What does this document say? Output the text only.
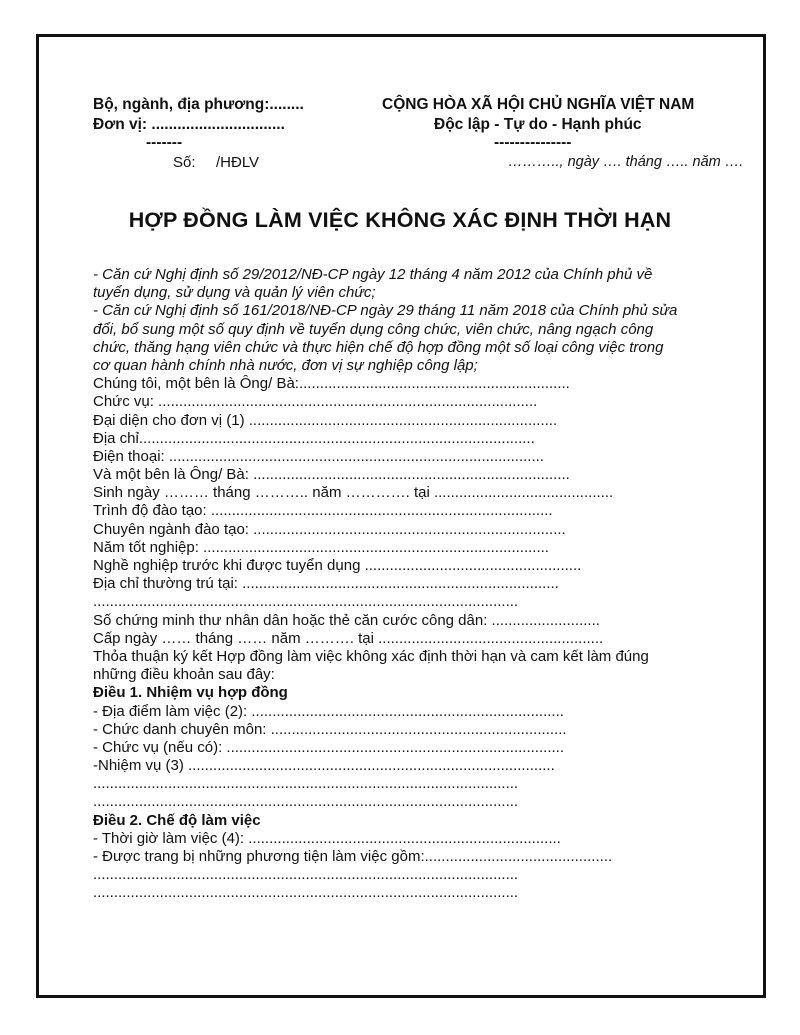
Bộ, ngành, địa phương:........
Đơn vị: ...............................
-------
Số: /HĐLV
CỘNG HÒA XÃ HỘI CHỦ NGHĨA VIỆT NAM
Độc lập - Tự do - Hạnh phúc
---------------
……….., ngày …. tháng ….. năm ….
HỢP ĐỒNG LÀM VIỆC KHÔNG XÁC ĐỊNH THỜI HẠN
- Căn cứ Nghị định số 29/2012/NĐ-CP ngày 12 tháng 4 năm 2012 của Chính phủ về
tuyển dụng, sử dụng và quản lý viên chức;
- Căn cứ Nghị định số 161/2018/NĐ-CP ngày 29 tháng 11 năm 2018 của Chính phủ sửa
đổi, bổ sung một số quy định về tuyển dụng công chức, viên chức, nâng ngạch công
chức, thăng hạng viên chức và thực hiện chế độ hợp đồng một số loại công việc trong
cơ quan hành chính nhà nước, đơn vị sự nghiệp công lập;
Chúng tôi, một bên là Ông/ Bà:.................................................................
Chức vụ: ...........................................................................................
Đại diện cho đơn vị (1) ..........................................................................
Địa chỉ...............................................................................................
Điện thoại: ..........................................................................................
Và một bên là Ông/ Bà: ............................................................................
Sinh ngày ……… tháng ……….. năm …………. tại ...........................................
Trình độ đào tạo: ..................................................................................
Chuyên ngành đào tạo: ...........................................................................
Năm tốt nghiệp: ...................................................................................
Nghề nghiệp trước khi được tuyển dụng ....................................................
Địa chỉ thường trú tại: ............................................................................
......................................................................................................
Số chứng minh thư nhân dân hoặc thẻ căn cước công dân: ..........................
Cấp ngày …… tháng …… năm ………. tại ......................................................
Thỏa thuận ký kết Hợp đồng làm việc không xác định thời hạn và cam kết làm đúng
những điều khoản sau đây:
Điều 1. Nhiệm vụ hợp đồng
- Địa điểm làm việc (2): ...........................................................................
- Chức danh chuyên môn: .......................................................................
- Chức vụ (nếu có): .................................................................................
-Nhiệm vụ (3) ........................................................................................
......................................................................................................
......................................................................................................
Điều 2. Chế độ làm việc
- Thời giờ làm việc (4): ...........................................................................
- Được trang bị những phương tiện làm việc gồm:.............................................
......................................................................................................
......................................................................................................
